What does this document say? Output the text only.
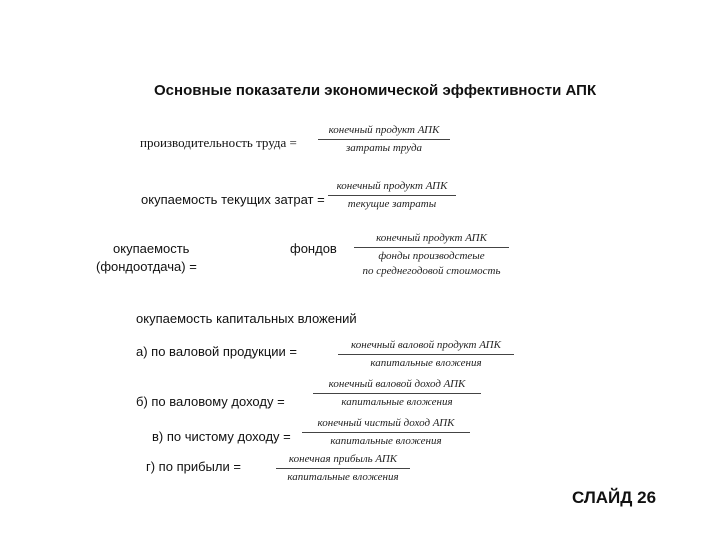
Основные показатели экономической эффективности АПК
производительность труда =
конечный продукт АПК
затраты труда
окупаемость текущих затрат =
конечный продукт АПК
текущие затраты
окупаемость
(фондоотдача) =
фондов
конечный продукт АПК
фонды производстеые
по среднегодовой стоимость
окупаемость капитальных вложений
а) по валовой продукции =	конечный валовой продукт АПК
капитальные вложения
б) по валовому доходу =
конечный валовой доход АПК
капитальные вложения
в) по чистому доходу =
конечный чистый доход АПК
капитальные вложения
г) по прибыли =	конечная прибыль АПК
капитальные вложения
СЛАЙД 26
